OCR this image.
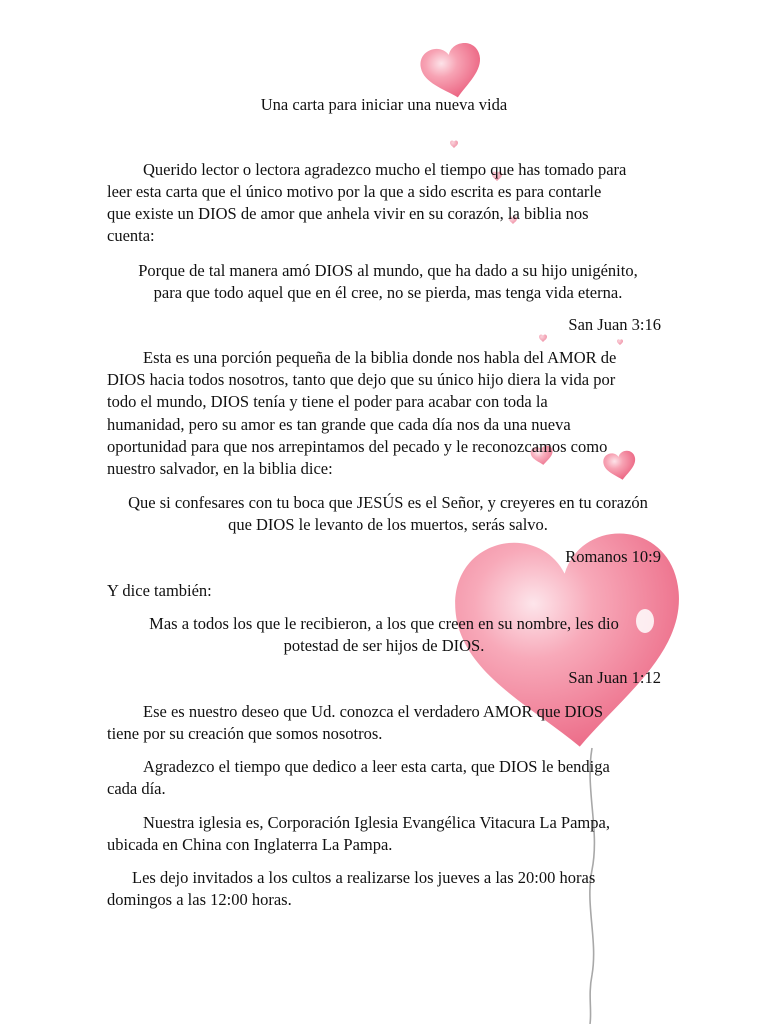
Una carta para iniciar una nueva vida
Querido lector o lectora agradezco mucho el tiempo que has tomado para
leer esta carta que el único motivo por la que a sido escrita es para contarle
que existe un DIOS de amor que anhela vivir en su corazón, la biblia nos
cuenta:
Porque de tal manera amó DIOS al mundo, que ha dado a su hijo unigénito,
para que todo aquel que en él cree, no se pierda, mas tenga vida eterna.
San Juan 3:16
Esta es una porción pequeña de la biblia donde nos habla del AMOR de
DIOS hacia todos nosotros, tanto que dejo que su único hijo diera la vida por
todo el mundo, DIOS tenía y tiene el poder para acabar con toda la
humanidad, pero su amor es tan grande que cada día nos da una nueva
oportunidad para que nos arrepintamos del pecado y le reconozcamos como
nuestro salvador, en la biblia dice:
Que si confesares con tu boca que JESÚS es el Señor, y creyeres en tu corazón
que DIOS le levanto de los muertos, serás salvo.
Romanos 10:9
Y dice también:
Mas a todos los que le recibieron, a los que creen en su nombre, les dio
potestad de ser hijos de DIOS.
San Juan 1:12
Ese es nuestro deseo que Ud. conozca el verdadero AMOR que DIOS
tiene por su creación que somos nosotros.
Agradezco el tiempo que dedico a leer esta carta, que DIOS le bendiga
cada día.
Nuestra iglesia es, Corporación Iglesia Evangélica Vitacura La Pampa,
ubicada en China con Inglaterra La Pampa.
Les dejo invitados a los cultos a realizarse los jueves a las 20:00 horas
domingos a las 12:00 horas.
